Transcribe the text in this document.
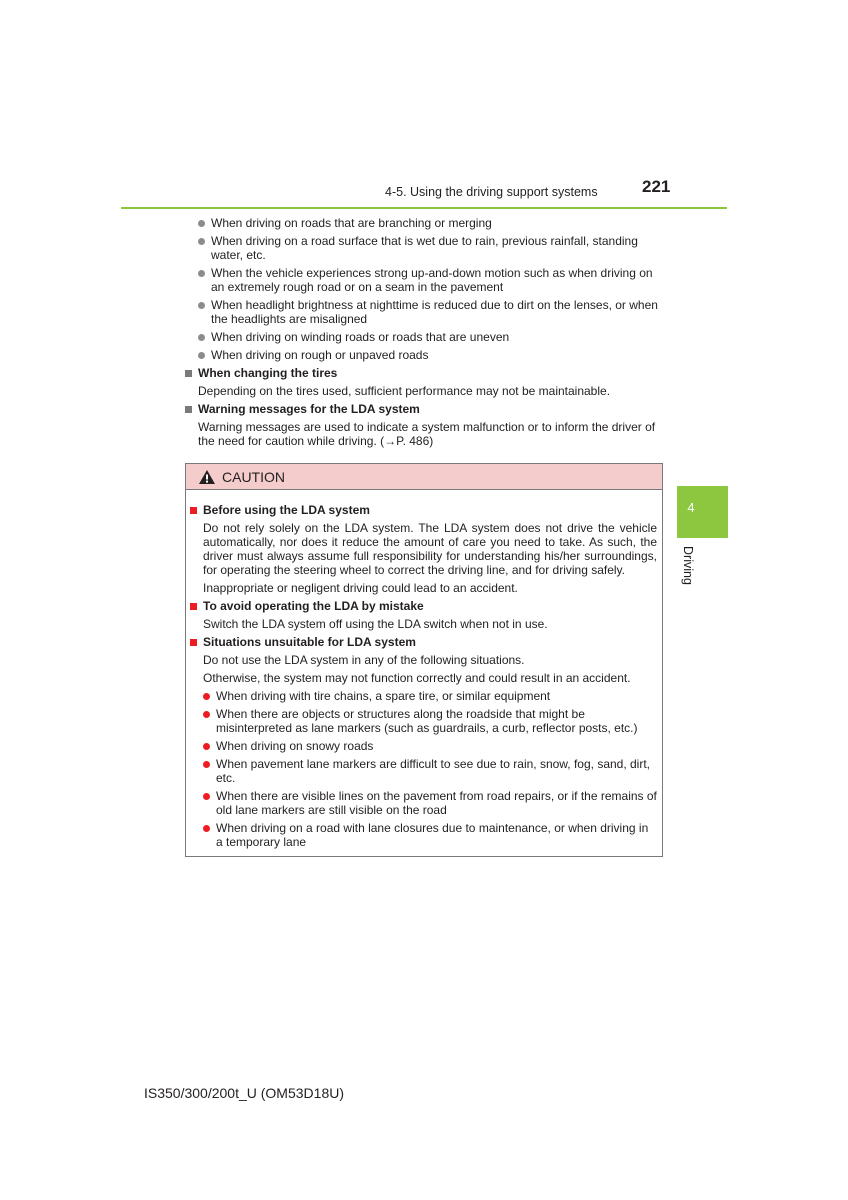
4-5. Using the driving support systems	221
When driving on roads that are branching or merging
When driving on a road surface that is wet due to rain, previous rainfall, standing water, etc.
When the vehicle experiences strong up-and-down motion such as when driving on an extremely rough road or on a seam in the pavement
When headlight brightness at nighttime is reduced due to dirt on the lenses, or when the headlights are misaligned
When driving on winding roads or roads that are uneven
When driving on rough or unpaved roads
When changing the tires
Depending on the tires used, sufficient performance may not be maintainable.
Warning messages for the LDA system
Warning messages are used to indicate a system malfunction or to inform the driver of the need for caution while driving. (→P. 486)
CAUTION
Before using the LDA system
Do not rely solely on the LDA system. The LDA system does not drive the vehicle automatically, nor does it reduce the amount of care you need to take. As such, the driver must always assume full responsibility for understanding his/her surroundings, for operating the steering wheel to correct the driving line, and for driving safely.
Inappropriate or negligent driving could lead to an accident.
To avoid operating the LDA by mistake
Switch the LDA system off using the LDA switch when not in use.
Situations unsuitable for LDA system
Do not use the LDA system in any of the following situations.
Otherwise, the system may not function correctly and could result in an accident.
When driving with tire chains, a spare tire, or similar equipment
When there are objects or structures along the roadside that might be misinterpreted as lane markers (such as guardrails, a curb, reflector posts, etc.)
When driving on snowy roads
When pavement lane markers are difficult to see due to rain, snow, fog, sand, dirt, etc.
When there are visible lines on the pavement from road repairs, or if the remains of old lane markers are still visible on the road
When driving on a road with lane closures due to maintenance, or when driving in a temporary lane
4
Driving
IS350/300/200t_U (OM53D18U)
